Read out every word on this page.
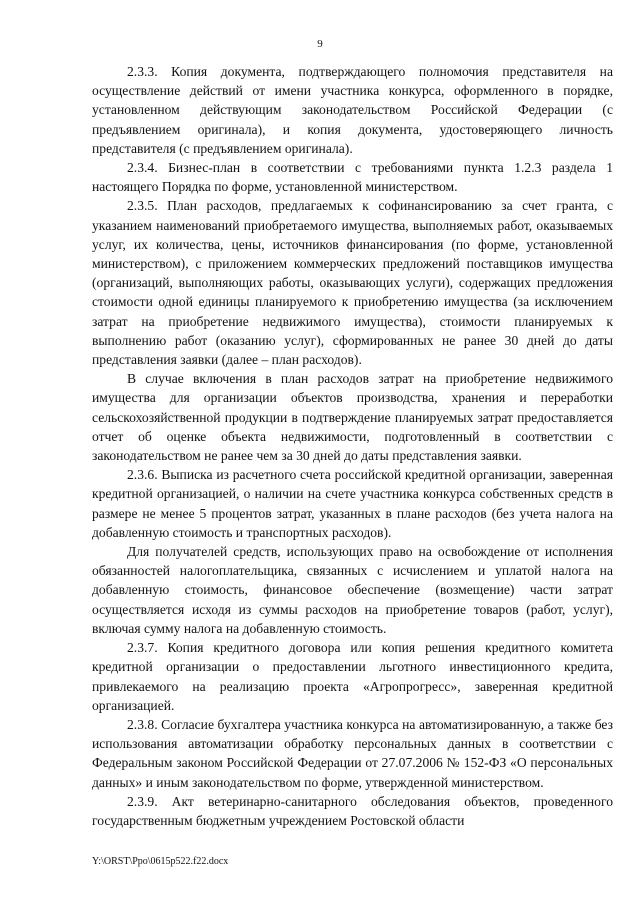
9

2.3.3. Копия документа, подтверждающего полномочия представителя на осуществление действий от имени участника конкурса, оформленного в порядке, установленном действующим законодательством Российской Федерации (с предъявлением оригинала), и копия документа, удостоверяющего личность представителя (с предъявлением оригинала).

2.3.4. Бизнес-план в соответствии с требованиями пункта 1.2.3 раздела 1 настоящего Порядка по форме, установленной министерством.

2.3.5. План расходов, предлагаемых к софинансированию за счет гранта, с указанием наименований приобретаемого имущества, выполняемых работ, оказываемых услуг, их количества, цены, источников финансирования (по форме, установленной министерством), с приложением коммерческих предложений поставщиков имущества (организаций, выполняющих работы, оказывающих услуги), содержащих предложения стоимости одной единицы планируемого к приобретению имущества (за исключением затрат на приобретение недвижимого имущества), стоимости планируемых к выполнению работ (оказанию услуг), сформированных не ранее 30 дней до даты представления заявки (далее – план расходов).

В случае включения в план расходов затрат на приобретение недвижимого имущества для организации объектов производства, хранения и переработки сельскохозяйственной продукции в подтверждение планируемых затрат предоставляется отчет об оценке объекта недвижимости, подготовленный в соответствии с законодательством не ранее чем за 30 дней до даты представления заявки.

2.3.6. Выписка из расчетного счета российской кредитной организации, заверенная кредитной организацией, о наличии на счете участника конкурса собственных средств в размере не менее 5 процентов затрат, указанных в плане расходов (без учета налога на добавленную стоимость и транспортных расходов).

Для получателей средств, использующих право на освобождение от исполнения обязанностей налогоплательщика, связанных с исчислением и уплатой налога на добавленную стоимость, финансовое обеспечение (возмещение) части затрат осуществляется исходя из суммы расходов на приобретение товаров (работ, услуг), включая сумму налога на добавленную стоимость.

2.3.7. Копия кредитного договора или копия решения кредитного комитета кредитной организации о предоставлении льготного инвестиционного кредита, привлекаемого на реализацию проекта «Агропрогресс», заверенная кредитной организацией.

2.3.8. Согласие бухгалтера участника конкурса на автоматизированную, а также без использования автоматизации обработку персональных данных в соответствии с Федеральным законом Российской Федерации от 27.07.2006 № 152-ФЗ «О персональных данных» и иным законодательством по форме, утвержденной министерством.

2.3.9. Акт ветеринарно-санитарного обследования объектов, проведенного государственным бюджетным учреждением Ростовской области

Y:\ORST\Ppo\0615p522.f22.docx
